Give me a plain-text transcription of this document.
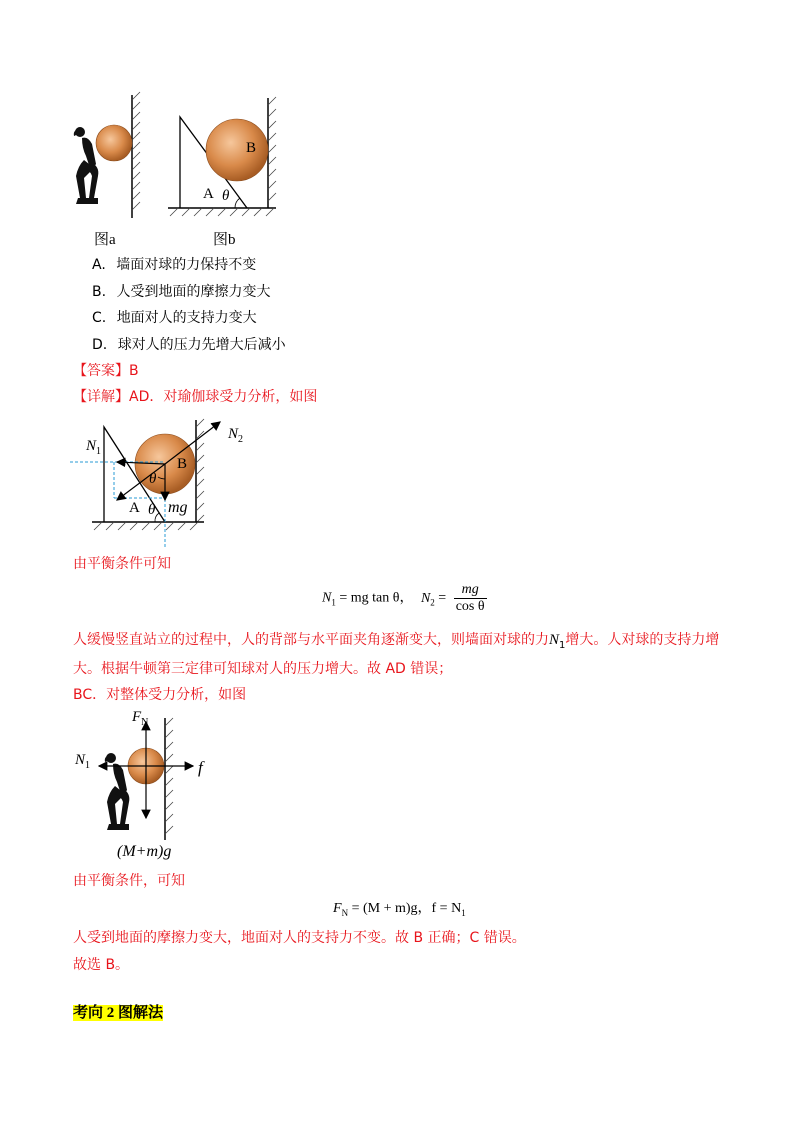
图a
B
A θ
图b
A. 墙面对球的力保持不变
B. 人受到地面的摩擦力变大
C. 地面对人的支持力变大
D. 球对人的压力先增大后减小
【答案】B
【详解】AD．对瑜伽球受力分析，如图
$N_1$
$N_2$
B
θ
A θ mg
由平衡条件可知
$N_1$ = mg tan θ， $N_2 = \frac{mg}{\text{cos θ}}$
人缓慢竖直站立的过程中，人的背部与水平面夹角逐渐变大，则墙面对球的力$N_1$增大。人对球的支持力增
大。根据牛顿第三定律可知球对人的压力增大。故 AD 错误；
BC．对整体受力分析，如图
$F_N$
$N_1$	f
(M+m)g
由平衡条件，可知
$F_N = (M + m)g$，$f = N_1$
人受到地面的摩擦力变大，地面对人的支持力不变。故 B 正确；C 错误。
故选 B。
考向 2 图解法
